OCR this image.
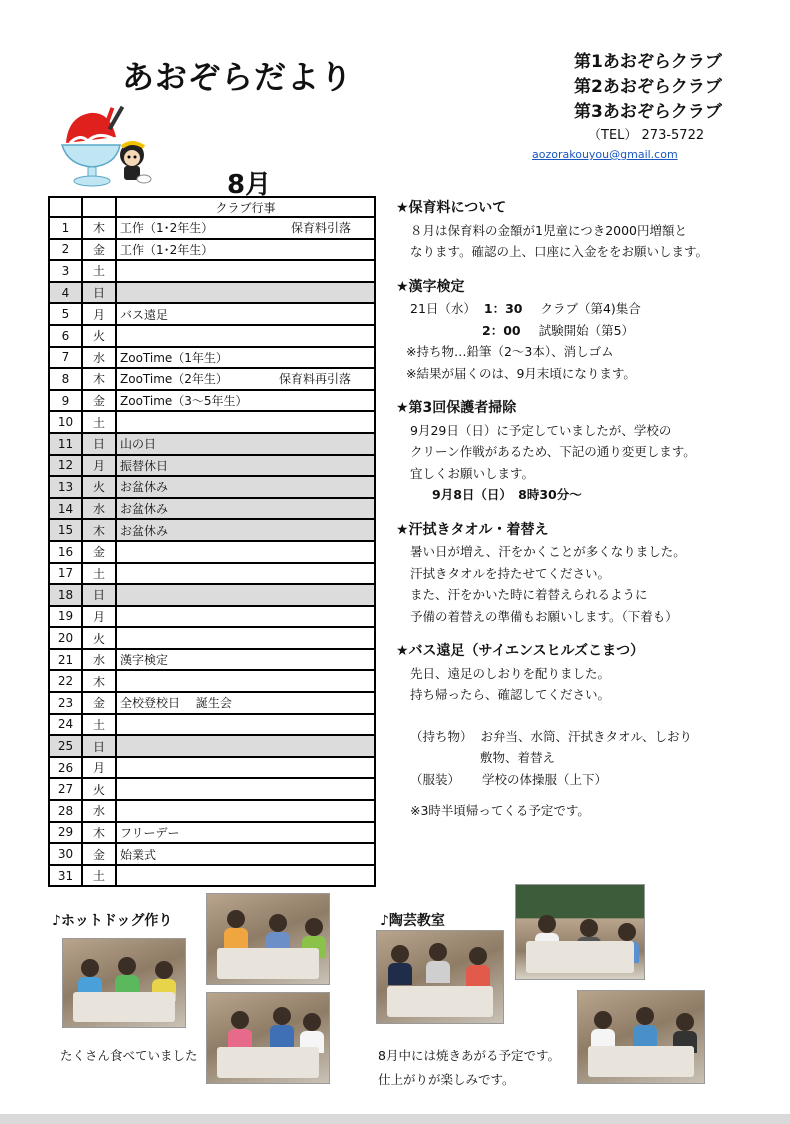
あおぞらだより	第1あおぞらクラブ
第2あおぞらクラブ
第3あおぞらクラブ
（TEL） 273-5722
aozorakouyou@gmail.com
8月
		クラブ行事
1	木	工作（1･2年生） 保育料引落

2	金	工作（1･2年生）

3	土	

4	日	

5	月	バス遠足

6	火	

7	水	ZooTime（1年生）

8	木	ZooTime（2年生） 保育料再引落

9	金	ZooTime（3～5年生）

10	土	

11	日	山の日

12	月	振替休日

13	火	お盆休み

14	水	お盆休み

15	木	お盆休み

16	金	

17	土	

18	日	

19	月	

20	火	

21	水	漢字検定

22	木	

23	金	全校登校日　 誕生会

24	土	

25	日	

26	月	

27	火	

28	水	

29	木	フリーデー

30	金	始業式

31	土	
★保育料について
８月は保育料の金額が1児童につき2000円増額と
なります。確認の上、口座に入金ををお願いします。
★漢字検定
21日（水） 1：30 クラブ（第4)集合
2：00 試験開始（第5）
※持ち物…鉛筆（2～3本）、消しゴム
※結果が届くのは、9月末頃になります。
★第3回保護者掃除
9月29日（日）に予定していましたが、学校の
クリーン作戦があるため、下記の通り変更します。
宜しくお願いします。
9月8日（日）　8時30分～
★汗拭きタオル・着替え
暑い日が増え、汗をかくことが多くなりました。
汗拭きタオルを持たせてください。
また、汗をかいた時に着替えられるように
予備の着替えの準備もお願いします。（下着も）
★バス遠足（サイエンスヒルズこまつ）
先日、遠足のしおりを配りました。
持ち帰ったら、確認してください。
（持ち物） お弁当、水筒、汗拭きタオル、しおり
敷物、着替え
（服装） 学校の体操服（上下）
※3時半頃帰ってくる予定です。
♪ホットドッグ作り
たくさん食べていました
♪陶芸教室
8月中には焼きあがる予定です。
仕上がりが楽しみです。
